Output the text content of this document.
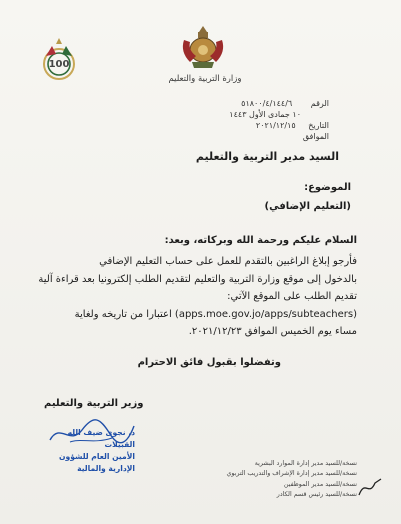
وزارة التربية والتعليم
100
الرقم ٥١٨٠٠/٤/١٤٤/٦
١٠ جمادى الأول ١٤٤٣
التاريخ ٢٠٢١/١٢/١٥
الموافق
السيد مدير التربية والتعليم
الموضوع:
(التعليم الإضافي)
السلام عليكم ورحمة الله وبركاته، وبعد:
فأرجو إبلاغ الراغبين بالتقدم للعمل على حساب التعليم الإضافي
بالدخول إلى موقع وزارة التربية والتعليم لتقديم الطلب إلكترونيا بعد قراءة آلية
تقديم الطلب على الموقع الآتي:
(apps.moe.gov.jo/apps/subteachers) اعتبارا من تاريخه ولغاية
مساء يوم الخميس الموافق ٢٠٢١/١٢/٢٣.
وتفضلوا بقبول فائق الاحترام
وزير التربية والتعليم
د. نجوى ضيف الله القبيلات
الأمين العام للشؤون الإدارية والمالية
نسخة/للسيد مدير إدارة الموارد البشرية
نسخة/للسيد مدير إدارة الإشراف والتدريب التربوي
نسخة/للسيد مدير الموظفين
نسخة/للسيد رئيس قسم الكادر
